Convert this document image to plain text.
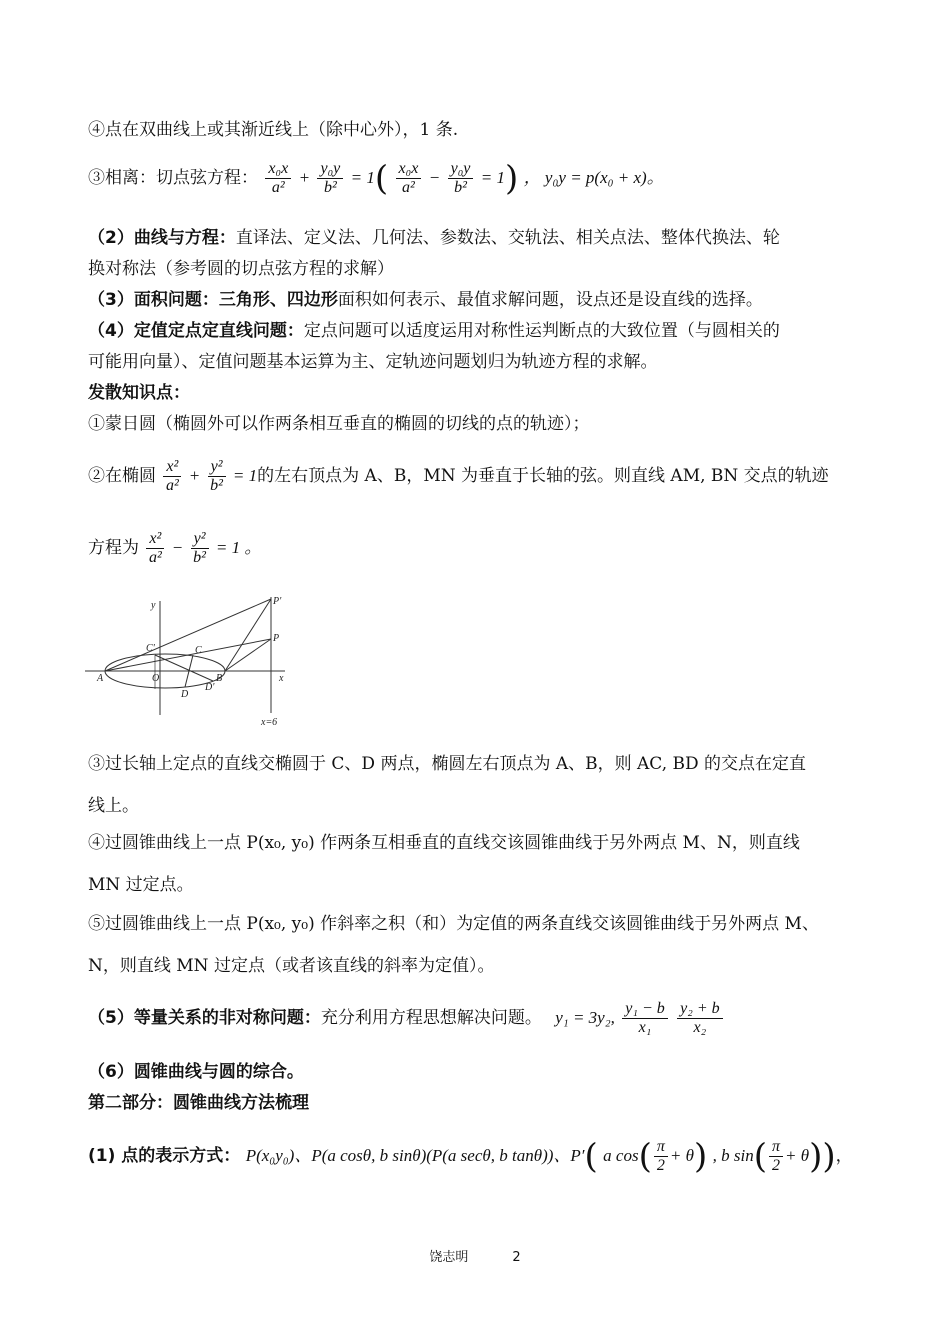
④点在双曲线上或其渐近线上（除中心外），1 条.
③相离：切点弦方程： $\frac{\text{x₀x}}{\text{a²}} + \frac{\text{y₀y}}{\text{b²}} = 1( \frac{\text{x₀x}}{\text{a²}} - \frac{\text{y₀y}}{\text{b²}} = 1)$ ， y₀y = p(x₀ + x)。
（2）曲线与方程：直译法、定义法、几何法、参数法、交轨法、相关点法、整体代换法、轮
换对称法（参考圆的切点弦方程的求解）
（3）面积问题：三角形、四边形面积如何表示、最值求解问题，设点还是设直线的选择。
（4）定值定点定直线问题：定点问题可以适度运用对称性运判断点的大致位置（与圆相关的
可能用向量）、定值问题基本运算为主、定轨迹问题划归为轨迹方程的求解。
发散知识点：
①蒙日圆（椭圆外可以作两条相互垂直的椭圆的切线的点的轨迹）；
②在椭圆 $\frac{\text{x²}}{\text{a²}} + \frac{\text{y²}}{\text{b²}} = 1$的左右顶点为 A、B，MN 为垂直于长轴的弦。则直线 AM, BN 交点的轨迹
方程为 $\frac{\text{x²}}{\text{a²}} - \frac{\text{y²}}{\text{b²}} = 1$ 。
y
x
A	O	B
C'	C
D
D'
P
P'
x=6
③过长轴上定点的直线交椭圆于 C、D 两点，椭圆左右顶点为 A、B，则 AC, BD 的交点在定直
线上。
④过圆锥曲线上一点 P(x₀, y₀) 作两条互相垂直的直线交该圆锥曲线于另外两点 M、N，则直线
MN 过定点。
⑤过圆锥曲线上一点 P(x₀, y₀) 作斜率之积（和）为定值的两条直线交该圆锥曲线于另外两点 M、
N，则直线 MN 过定点（或者该直线的斜率为定值）。
（5）等量关系的非对称问题：充分利用方程思想解决问题。 y₁ = 3y₂, $\frac{\text{y₁ − b}}{\text{x₁}}$
$\frac{\text{y₂ + b}}{\text{x₂}}$
（6）圆锥曲线与圆的综合。
第二部分：圆锥曲线方法梳理
(1) 点的表示方式： P(x₀y₀)、P(a cosθ, b sinθ)(P(a secθ, b tanθ))、P′( a $\cos( \frac{\pi}{2} + \theta)$ , b $\sin( \frac{\pi}{2} + \theta)$)，
饶志明	2
